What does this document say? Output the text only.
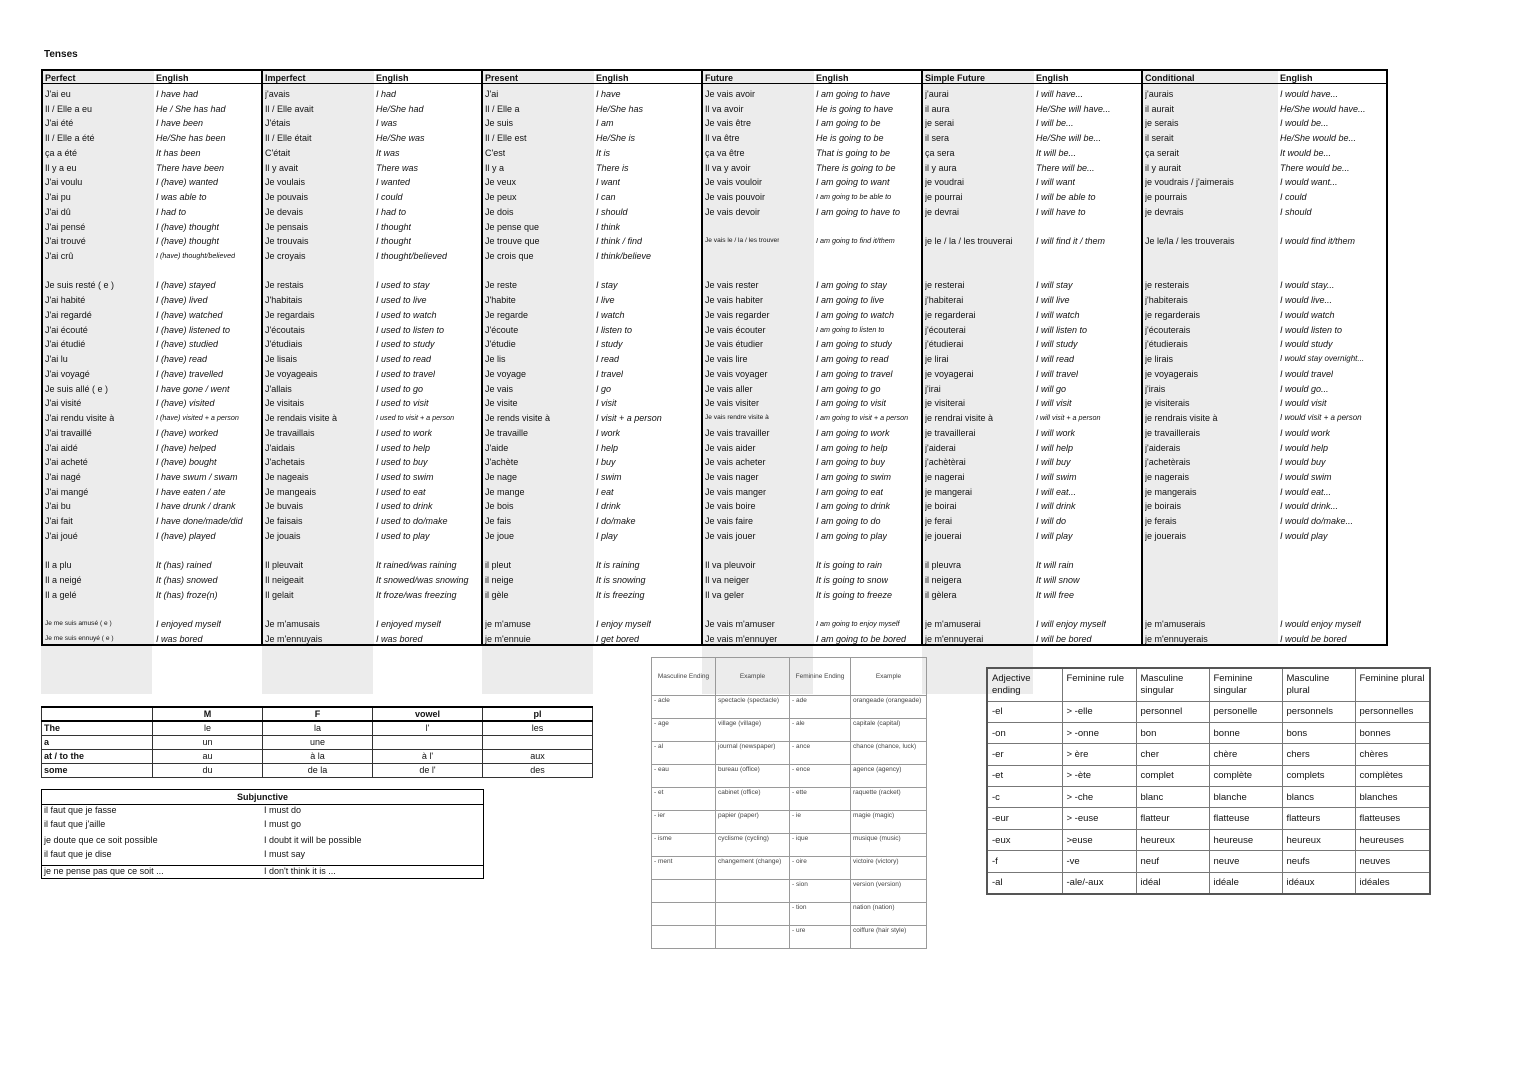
Tenses
Perfect	English
J'ai eu	I have had
Il / Elle a eu	He / She has had
J'ai été	I have been
Il / Elle a été	He/She has been
ça a été	It has been
Il y a eu	There have been
J'ai voulu	I (have) wanted
J'ai pu	I was able to
J'ai dû	I had to
J'ai pensé	I (have) thought
J'ai trouvé	I (have) thought
J'ai crû	I (have) thought/believed
Je suis resté ( e )	I (have) stayed
J'ai habité	I (have) lived
J'ai regardé	I (have) watched
J'ai écouté	I (have) listened to
J'ai étudié	I (have) studied
J'ai lu	I (have) read
J'ai voyagé	I (have) travelled
Je suis allé ( e )	I have gone / went
J'ai visité	I (have) visited
J'ai rendu visite à	I (have) visited + a person
J'ai travaillé	I (have) worked
J'ai aidé	I (have) helped
J'ai acheté	I (have) bought
J'ai nagé	I have swum / swam
J'ai mangé	I have eaten / ate
J'ai bu	I have drunk / drank
J'ai fait	I have done/made/did
J'ai joué	I (have) played
Il a plu	It (has) rained
Il a neigé	It (has) snowed
Il a gelé	It (has) froze(n)
Je me suis amusé ( e )	I enjoyed myself
Je me suis ennuyé ( e )	I was bored
Imperfect	English
j'avais	I had
Il / Elle avait	He/She had
J'étais	I was
Il / Elle était	He/She was
C'était	It was
Il y avait	There was
Je voulais	I wanted
Je pouvais	I could
Je devais	I had to
Je pensais	I thought
Je trouvais	I thought
Je croyais	I thought/believed
Je restais	I used to stay
J'habitais	I used to live
Je regardais	I used to watch
J'écoutais	I used to listen to
J'étudiais	I used to study
Je lisais	I used to read
Je voyageais	I used to travel
J'allais	I used to go
Je visitais	I used to visit
Je rendais visite à	I used to visit + a person
Je travaillais	I used to work
J'aidais	I used to help
J'achetais	I used to buy
Je nageais	I used to swim
Je mangeais	I used to eat
Je buvais	I used to drink
Je faisais	I used to do/make
Je jouais	I used to play
Il pleuvait	It rained/was raining
Il neigeait	It snowed/was snowing
Il gelait	It froze/was freezing
Je m'amusais	I enjoyed myself
Je m'ennuyais	I was bored
Present	English
J'ai	I have
Il / Elle a	He/She has
Je suis	I am
Il / Elle est	He/She is
C'est	It is
Il y a	There is
Je veux	I want
Je peux	I can
Je dois	I should
Je pense que	I think
Je trouve que	I think / find
Je crois que	I think/believe
Je reste	I stay
J'habite	I live
Je regarde	I watch
J'écoute	I listen to
J'étudie	I study
Je lis	I read
Je voyage	I travel
Je vais	I go
Je visite	I visit
Je rends visite à	I visit + a person
Je travaille	I work
J'aide	I help
J'achète	I buy
Je nage	I swim
Je mange	I eat
Je bois	I drink
Je fais	I do/make
Je joue	I play
il pleut	It is raining
il neige	It is snowing
il gèle	It is freezing
je m'amuse	I enjoy myself
je m'ennuie	I get bored
Future	English
Je vais avoir	I am going to have
Il va avoir	He is going to have
Je vais être	I am going to be
Il va être	He is going to be
ça va être	That is going to be
Il va y avoir	There is going to be
Je vais vouloir	I am going to want
Je vais pouvoir	I am going to be able to
Je vais devoir	I am going to have to
Je vais le / la / les trouver	I am going to find it/them
Je vais rester	I am going to stay
Je vais habiter	I am going to live
Je vais regarder	I am going to watch
Je vais écouter	I am going to listen to
Je vais étudier	I am going to study
Je vais lire	I am going to read
Je vais voyager	I am going to travel
Je vais aller	I am going to go
Je vais visiter	I am going to visit
Je vais rendre visite à	I am going to visit + a person
Je vais travailler	I am going to work
Je vais aider	I am going to help
Je vais acheter	I am going to buy
Je vais nager	I am going to swim
Je vais manger	I am going to eat
Je vais boire	I am going to drink
Je vais faire	I am going to do
Je vais jouer	I am going to play
Il va pleuvoir	It is going to rain
Il va neiger	It is going to snow
Il va geler	It is going to freeze
Je vais m'amuser	I am going to enjoy myself
Je vais m'ennuyer	I am going to be bored
Simple Future	English
j'aurai	I will have...
il aura	He/She will have...
je serai	I will be...
il sera	He/She will be...
ça sera	It will be...
il y aura	There will be...
je voudrai	I will want
je pourrai	I will be able to
je devrai	I will have to
je le / la / les trouverai	I will find it / them
je resterai	I will stay
j'habiterai	I will live
je regarderai	I will watch
j'écouterai	I will listen to
j'étudierai	I will study
je lirai	I will read
je voyagerai	I will travel
j'irai	I will go
je visiterai	I will visit
je rendrai visite à	I will visit + a person
je travaillerai	I will work
j'aiderai	I will help
j'achètèrai	I will buy
je nagerai	I will swim
je mangerai	I will eat...
je boirai	I will drink
je ferai	I will do
je jouerai	I will play
il pleuvra	It will rain
il neigera	It will snow
il gèlera	It will free
je m'amuserai	I will enjoy myself
je m'ennuyerai	I will be bored
Conditional	English
j'aurais	I would have...
il aurait	He/She would have...
je serais	I would be...
il serait	He/She would be...
ça serait	It would be...
il y aurait	There would be...
je voudrais / j'aimerais	I would want...
je pourrais	I could
je devrais	I should
Je le/la / les trouverais	I would find it/them
je resterais	I would stay...
j'habiterais	I would live...
je regarderais	I would watch
j'écouterais	I would listen to
j'étudierais	I would study
je lirais	I would stay overnight...
je voyagerais	I would travel
j'irais	I would go...
je visiterais	I would visit
je rendrais visite à	I would visit + a person
je travaillerais	I would work
j'aiderais	I would help
j'achetèrais	I would buy
je nagerais	I would swim
je mangerais	I would eat...
je boirais	I would drink...
je ferais	I would do/make...
je jouerais	I would play
je m'amuserais	I would enjoy myself
je m'ennuyerais	I would be bored
	M	F	vowel	pl
The	le	la	l'	les
a	un	une		
at / to the	au	à la	à l'	aux
some	du	de la	de l'	des
Subjunctive
il faut que je fasse	I must do
il faut que j'aille	I must go
je doute que ce soit possible	I doubt it will be possible
il faut que je dise	I must say
je ne pense pas que ce soit ...	I don't think it is ...
Masculine Ending	Example	Feminine Ending	Example
- acle	spectacle (spectacle)	- ade	orangeade (orangeade)
- age	village (village)	- ale	capitale (capital)
- al	journal (newspaper)	- ance	chance (chance, luck)
- eau	bureau (office)	- ence	agence (agency)
- et	cabinet (office)	- ette	raquette (racket)
- ier	papier (paper)	- ie	magie (magic)
- isme	cyclisme (cycling)	- ique	musique (music)
- ment	changement (change)	- oire	victoire (victory)
		- sion	version (version)
		- tion	nation (nation)
		- ure	coiffure (hair style)
Adjective ending	Feminine rule	Masculine singular	Feminine singular	Masculine plural	Feminine plural
-el	> -elle	personnel	personelle	personnels	personnelles
-on	> -onne	bon	bonne	bons	bonnes
-er	> ère	cher	chère	chers	chères
-et	> -ète	complet	complète	complets	complètes
-c	> -che	blanc	blanche	blancs	blanches
-eur	> -euse	flatteur	flatteuse	flatteurs	flatteuses
-eux	>euse	heureux	heureuse	heureux	heureuses
-f	-ve	neuf	neuve	neufs	neuves
-al	-ale/-aux	idéal	idéale	idéaux	idéales
